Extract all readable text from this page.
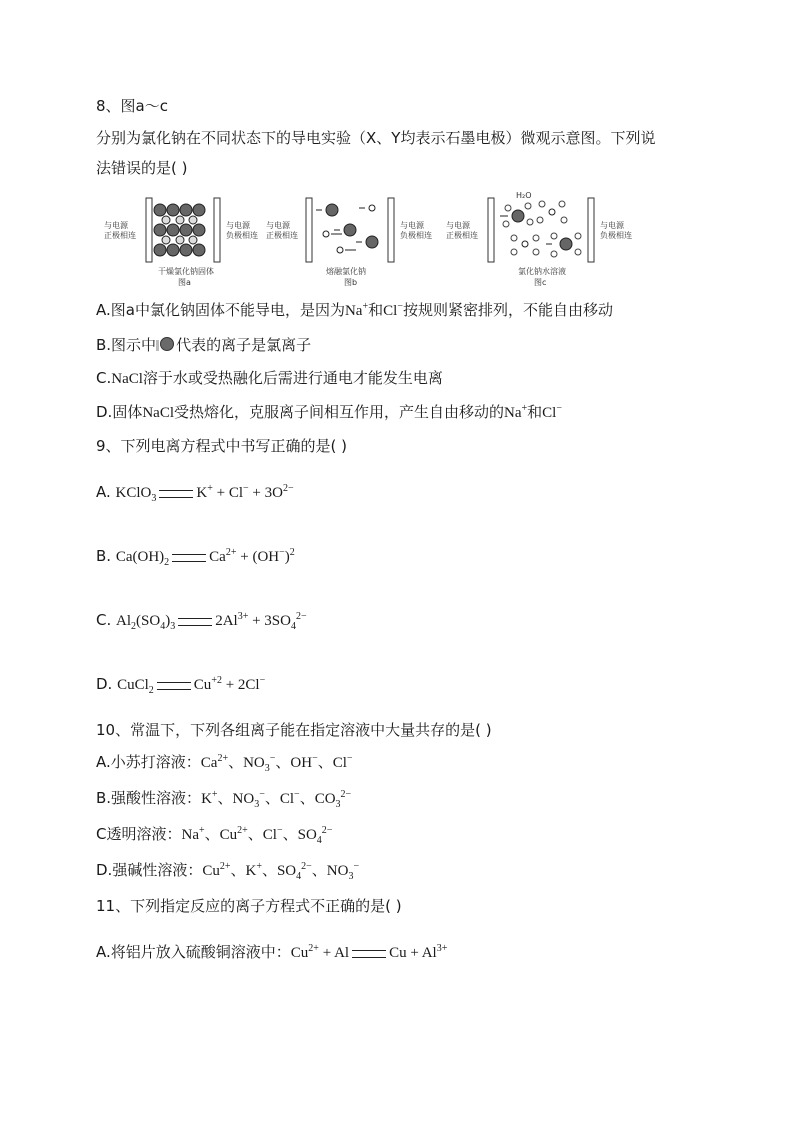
8、图a～c
分别为氯化钠在不同状态下的导电实验（X、Y均表示石墨电极）微观示意图。下列说
法错误的是( )
与电源
正极相连
与电源
负极相连
干燥氯化钠固体
图a
与电源
正极相连
与电源
负极相连
熔融氯化钠
图b
与电源
正极相连
H₂O
与电源
负极相连
氯化钠水溶液
图c
A.图a中氯化钠固体不能导电，是因为Na+和Cl−按规则紧密排列，不能自由移动
B.图示中 代表的离子是氯离子
C.NaCl溶于水或受热融化后需进行通电才能发生电离
D.固体NaCl受热熔化，克服离子间相互作用，产生自由移动的Na+和Cl−
9、下列电离方程式中书写正确的是( )
A. KClO$_3$	$K^+ + Cl^- + 3O^{2-}$
B. $Ca(OH)_2$	$Ca^{2+} + (OH^-)^2$
C. $Al_2(SO_4)_3$	$2Al^{3+} + 3SO_4^{2-}$
D. CuCl$_2$	$Cu^{+2} + 2Cl^-$
10、常温下，下列各组离子能在指定溶液中大量共存的是( )
A.小苏打溶液：$Ca^{2+}$、$NO_3^-$、OH−、Cl−
B.强酸性溶液：K+、$NO_3^-$、Cl−、$CO_3^{2-}$
C透明溶液：Na+、$Cu^{2+}$、Cl−、$SO_4^{2-}$
D.强碱性溶液：$Cu^{2+}$、K+、$SO_4^{2-}$、$NO_3^-$
11、下列指定反应的离子方程式不正确的是( )
A.将铝片放入硫酸铜溶液中：$Cu^{2+} + Al$	$Cu + Al^{3+}$
